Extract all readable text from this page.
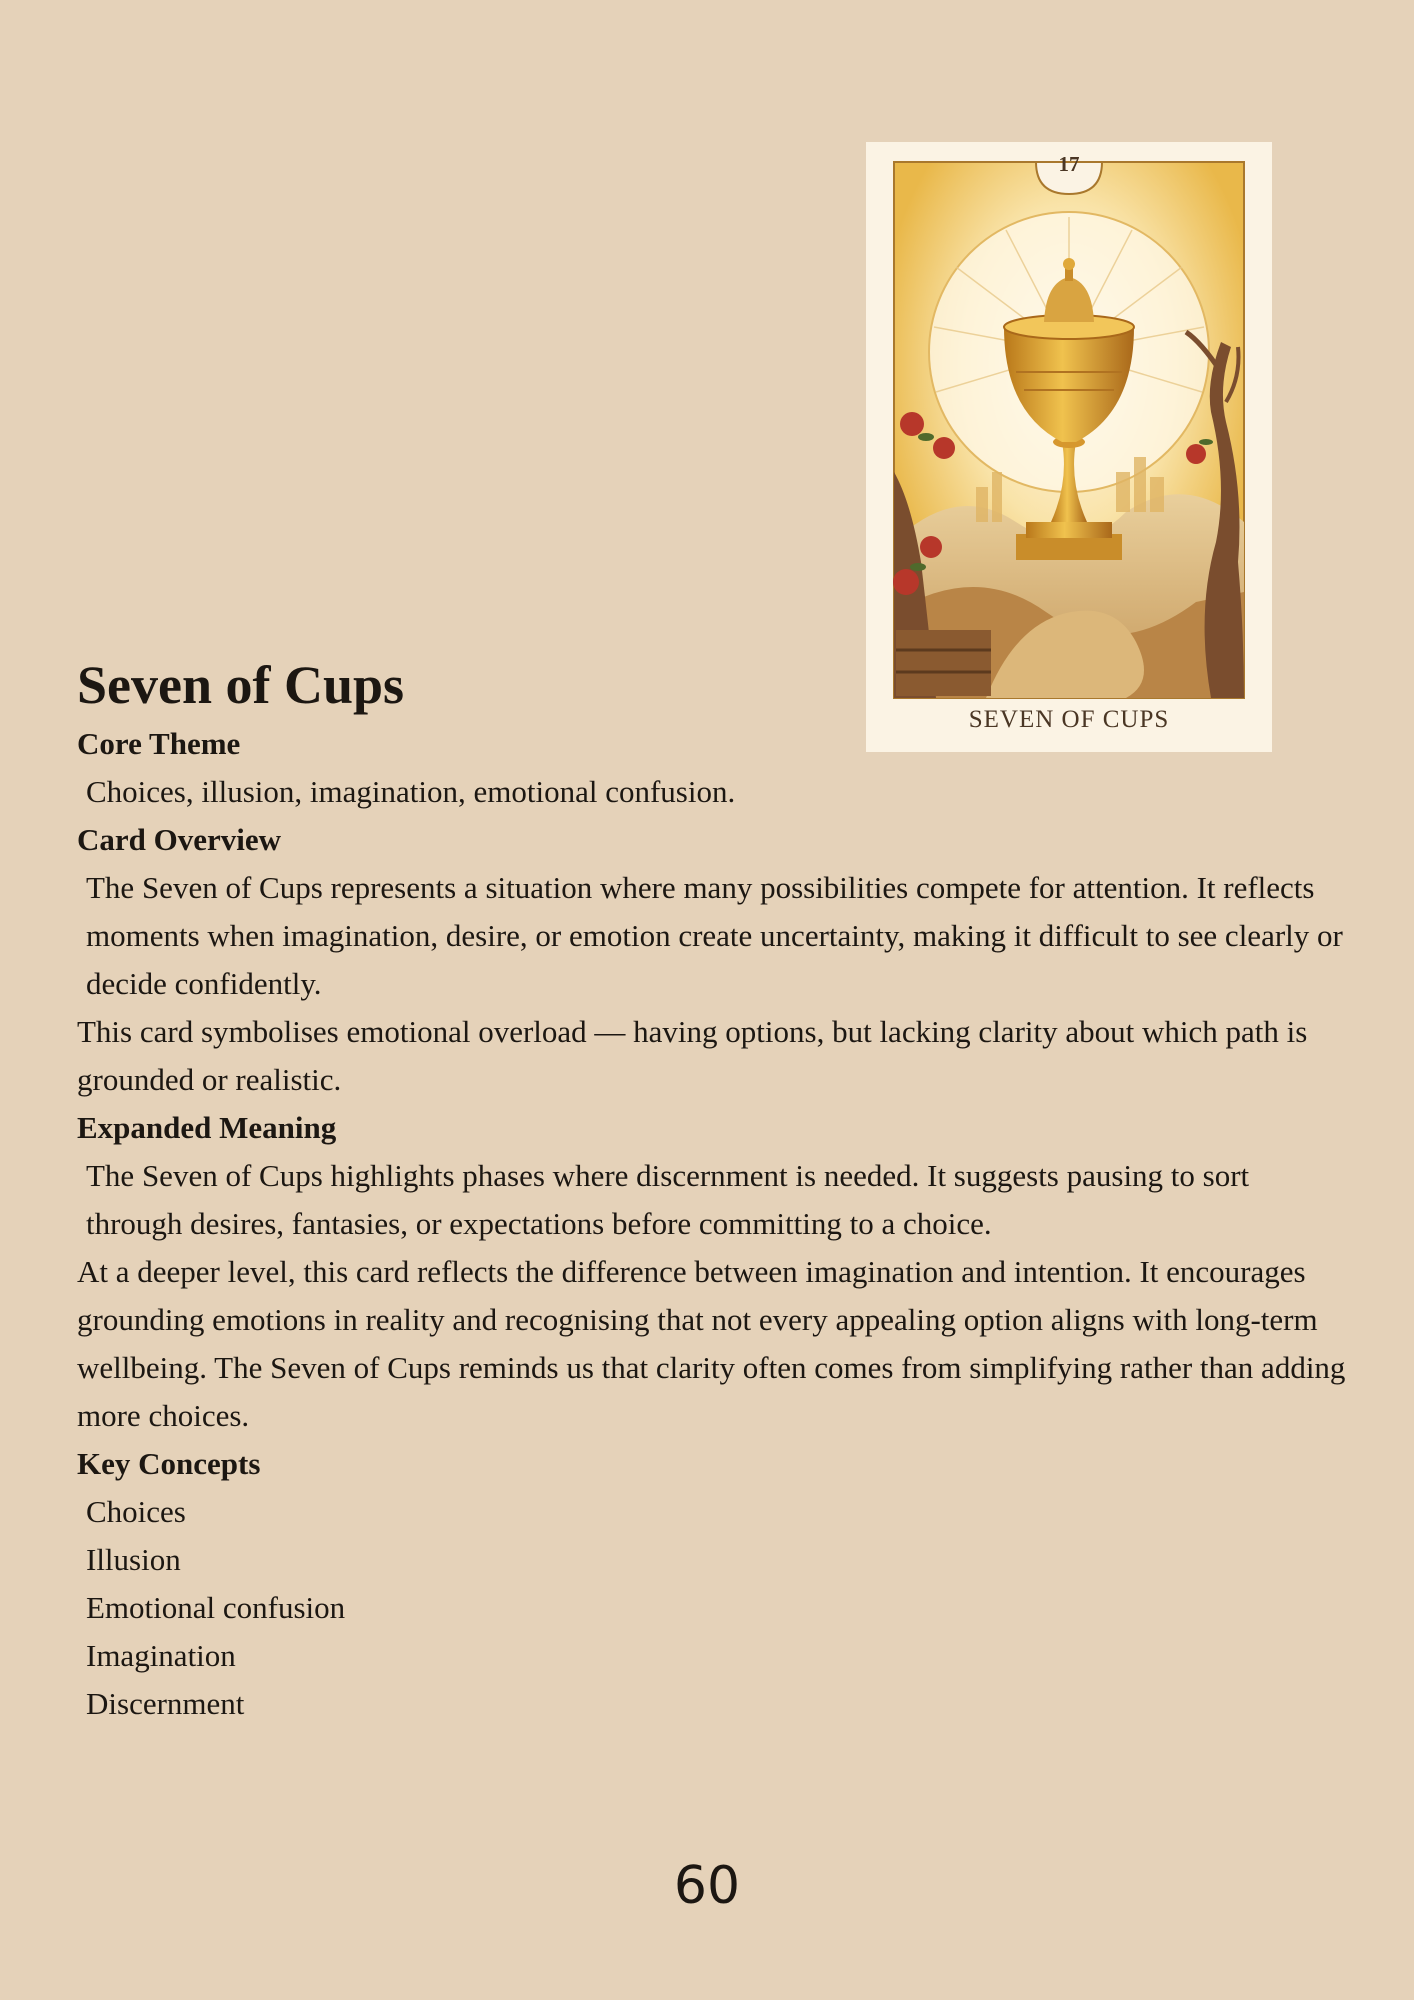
17
SEVEN OF CUPS
Seven of Cups
Core Theme

Choices, illusion, imagination, emotional confusion.

Card Overview

The Seven of Cups represents a situation where many possibilities compete for attention. It reflects moments when imagination, desire, or emotion create uncertainty, making it difficult to see clearly or decide confidently.

This card symbolises emotional overload — having options, but lacking clarity about which path is grounded or realistic.

Expanded Meaning

The Seven of Cups highlights phases where discernment is needed. It suggests pausing to sort through desires, fantasies, or expectations before committing to a choice.

At a deeper level, this card reflects the difference between imagination and intention. It encourages grounding emotions in reality and recognising that not every appealing option aligns with long-term wellbeing. The Seven of Cups reminds us that clarity often comes from simplifying rather than adding more choices.

Key Concepts
Choices
Illusion
Emotional confusion
Imagination
Discernment
60
